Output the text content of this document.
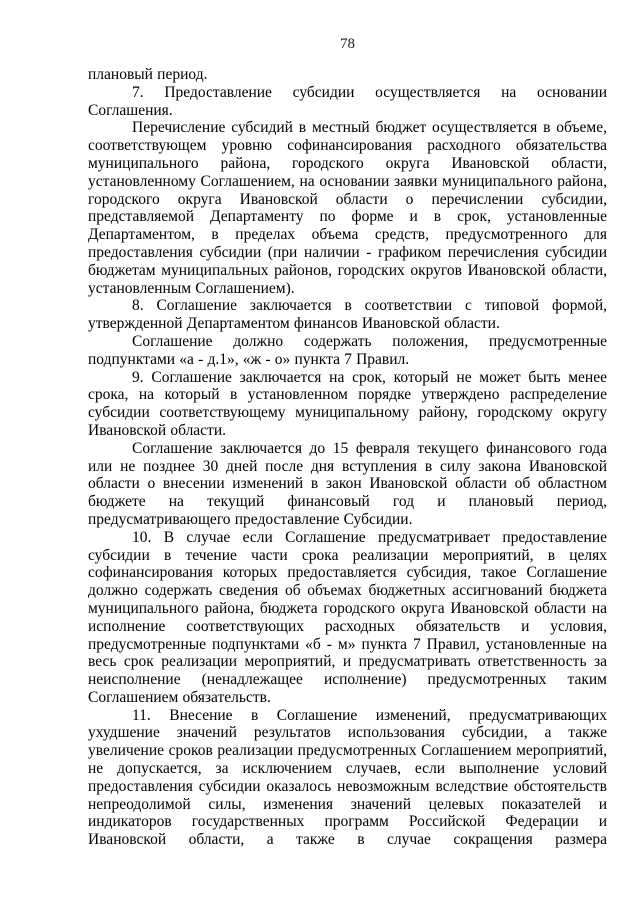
78

плановый период.

7. Предоставление субсидии осуществляется на основании Соглашения.

Перечисление субсидий в местный бюджет осуществляется в объеме, соответствующем уровню софинансирования расходного обязательства муниципального района, городского округа Ивановской области, установленному Соглашением, на основании заявки муниципального района, городского округа Ивановской области о перечислении субсидии, представляемой Департаменту по форме и в срок, установленные Департаментом, в пределах объема средств, предусмотренного для предоставления субсидии (при наличии - графиком перечисления субсидии бюджетам муниципальных районов, городских округов Ивановской области, установленным Соглашением).

8. Соглашение заключается в соответствии с типовой формой, утвержденной Департаментом финансов Ивановской области.

Соглашение должно содержать положения, предусмотренные подпунктами «а - д.1», «ж - о» пункта 7 Правил.

9. Соглашение заключается на срок, который не может быть менее срока, на который в установленном порядке утверждено распределение субсидии соответствующему муниципальному району, городскому округу Ивановской области.

Соглашение заключается до 15 февраля текущего финансового года или не позднее 30 дней после дня вступления в силу закона Ивановской области о внесении изменений в закон Ивановской области об областном бюджете на текущий финансовый год и плановый период, предусматривающего предоставление Субсидии.

10. В случае если Соглашение предусматривает предоставление субсидии в течение части срока реализации мероприятий, в целях софинансирования которых предоставляется субсидия, такое Соглашение должно содержать сведения об объемах бюджетных ассигнований бюджета муниципального района, бюджета городского округа Ивановской области на исполнение соответствующих расходных обязательств и условия, предусмотренные подпунктами «б - м» пункта 7 Правил, установленные на весь срок реализации мероприятий, и предусматривать ответственность за неисполнение (ненадлежащее исполнение) предусмотренных таким Соглашением обязательств.

11. Внесение в Соглашение изменений, предусматривающих ухудшение значений результатов использования субсидии, а также увеличение сроков реализации предусмотренных Соглашением мероприятий, не допускается, за исключением случаев, если выполнение условий предоставления субсидии оказалось невозможным вследствие обстоятельств непреодолимой силы, изменения значений целевых показателей и индикаторов государственных программ Российской Федерации и Ивановской области, а также в случае сокращения размера
